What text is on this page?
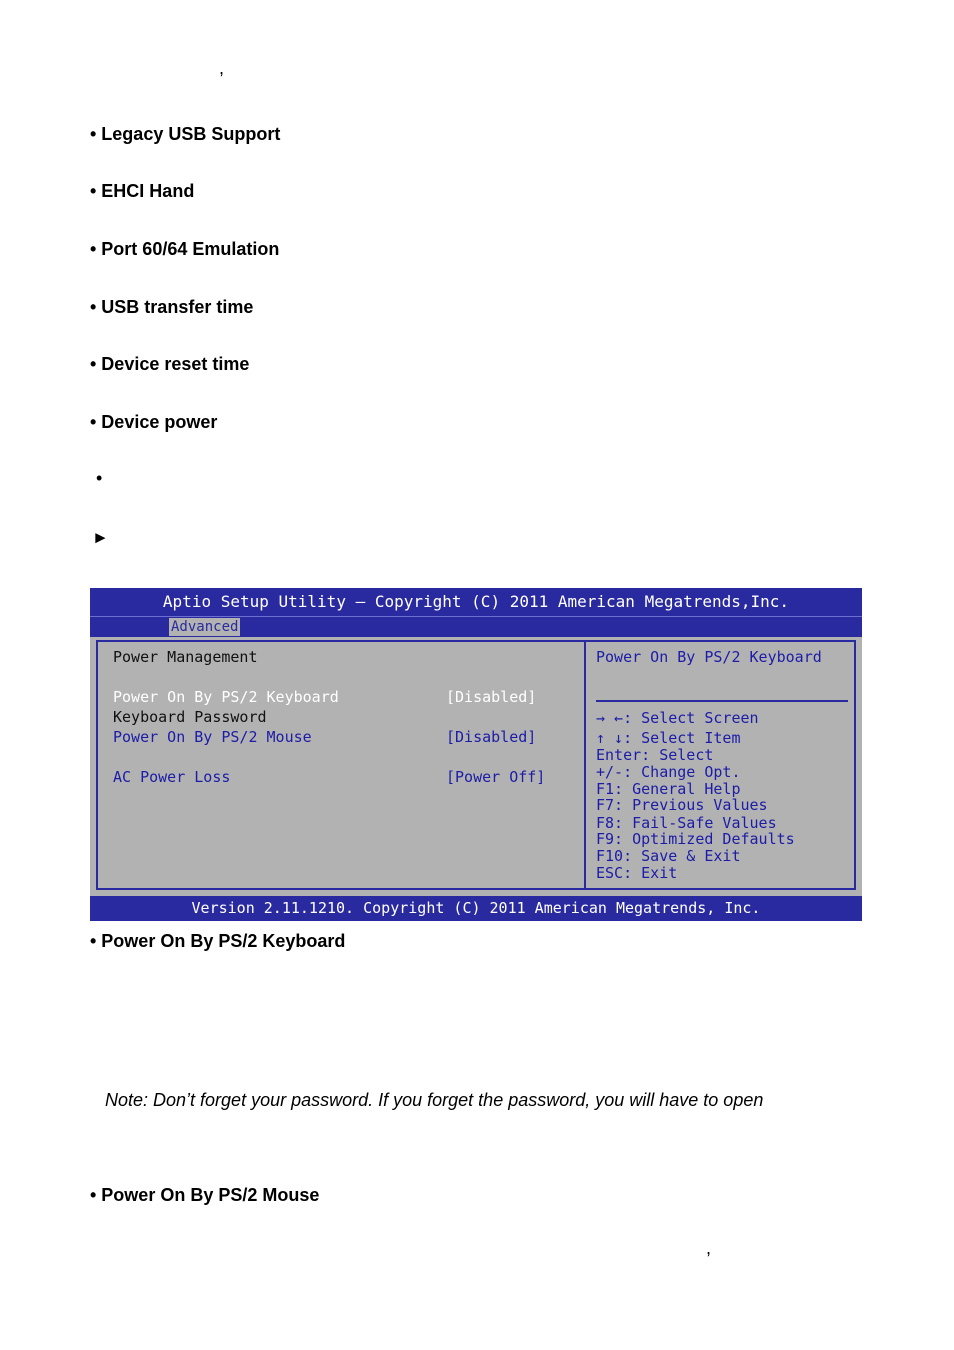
,
• Legacy USB Support
• EHCI Hand
• Port 60/64 Emulation
• USB transfer time
• Device reset time
• Device power
•
►
Aptio Setup Utility – Copyright (C) 2011 American Megatrends,Inc.
Advanced
Power Management
Power On By PS/2 Keyboard	[Disabled]
Keyboard Password
Power On By PS/2 Mouse	[Disabled]
AC Power Loss	[Power Off]
Power On By PS/2 Keyboard
→ ←: Select Screen
↑ ↓: Select Item
Enter: Select
+/-: Change Opt.
F1: General Help
F7: Previous Values
F8: Fail-Safe Values
F9: Optimized Defaults
F10: Save & Exit
ESC: Exit
Version 2.11.1210. Copyright (C) 2011 American Megatrends, Inc.
• Power On By PS/2 Keyboard
Note: Don’t forget your password. If you forget the password, you will have to open
• Power On By PS/2 Mouse
,
